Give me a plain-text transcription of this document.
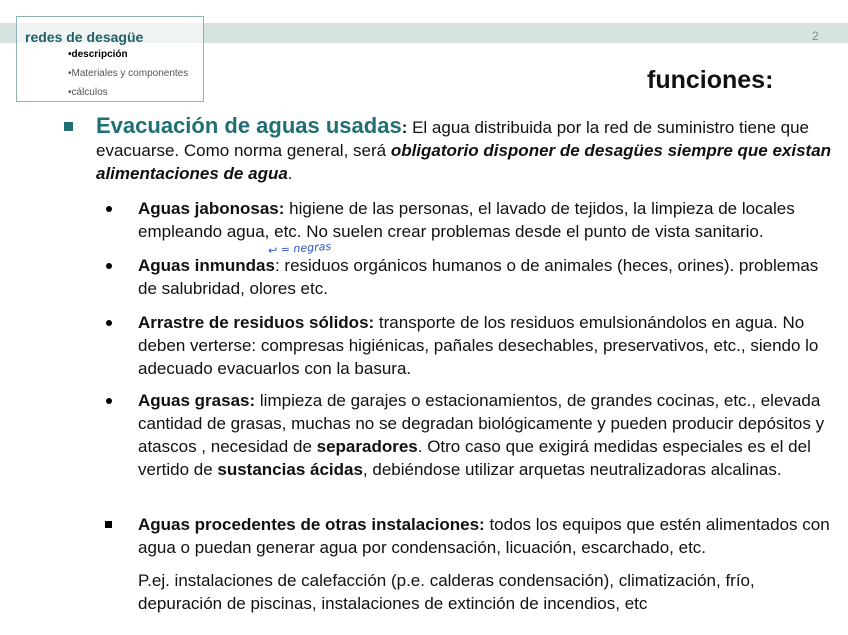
2
redes de desagüe
•descripción
•Materiales y componentes
•cálculos	funciones:
Evacuación de aguas usadas: El agua distribuida por la red de suministro tiene que evacuarse. Como norma general, será obligatorio disponer de desagües siempre que existan alimentaciones de agua.
↩ = negras
Aguas jabonosas: higiene de las personas, el lavado de tejidos, la limpieza de locales empleando agua, etc. No suelen crear problemas desde el punto de vista sanitario.
Aguas inmundas: residuos orgánicos humanos o de animales (heces, orines). problemas de salubridad, olores etc.
Arrastre de residuos sólidos: transporte de los residuos emulsionándolos en agua. No deben verterse: compresas higiénicas, pañales desechables, preservativos, etc., siendo lo adecuado evacuarlos con la basura.
Aguas grasas: limpieza de garajes o estacionamientos, de grandes cocinas, etc., elevada cantidad de grasas, muchas no se degradan biológicamente y pueden producir depósitos y atascos , necesidad de separadores. Otro caso que exigirá medidas especiales es el del vertido de sustancias ácidas, debiéndose utilizar arquetas neutralizadoras alcalinas.
Aguas procedentes de otras instalaciones: todos los equipos que estén alimentados con agua o puedan generar agua por condensación, licuación, escarchado, etc.
P.ej. instalaciones de calefacción (p.e. calderas condensación), climatización, frío, depuración de piscinas, instalaciones de extinción de incendios, etc
